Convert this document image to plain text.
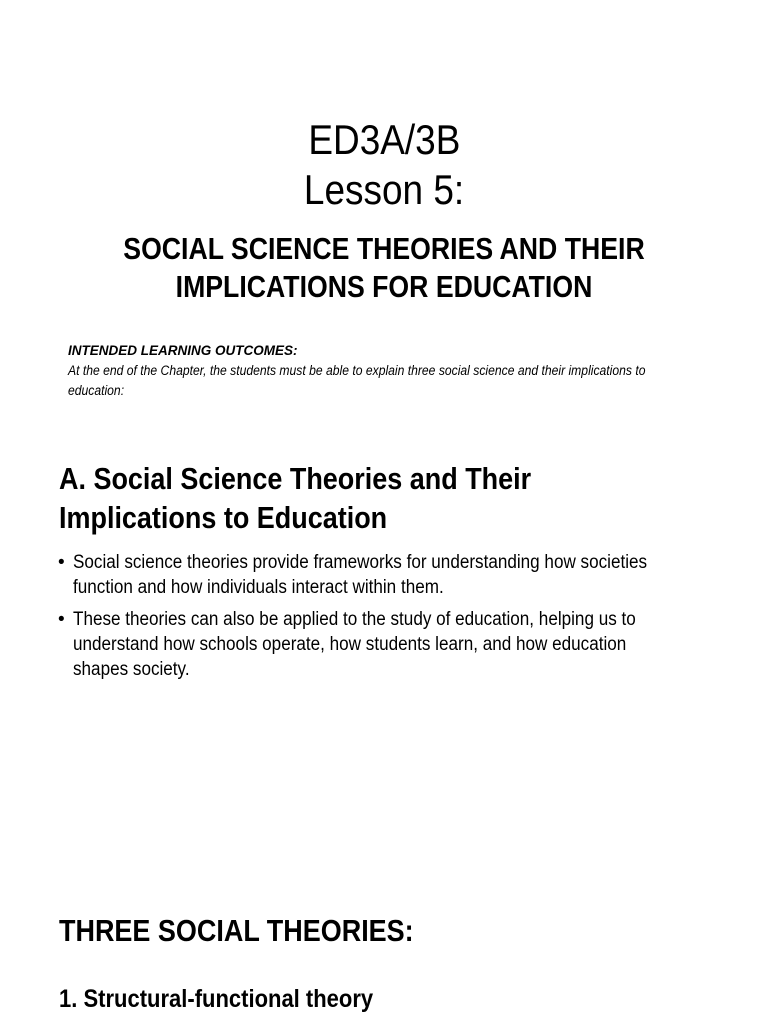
ED3A/3B
Lesson 5:
SOCIAL SCIENCE THEORIES AND THEIR
IMPLICATIONS FOR EDUCATION
INTENDED LEARNING OUTCOMES:
At the end of the Chapter, the students must be able to explain three social science and their implications to
education:
A. Social Science Theories and Their
Implications to Education
• Social science theories provide frameworks for understanding how societies
function and how individuals interact within them.
• These theories can also be applied to the study of education, helping us to
understand how schools operate, how students learn, and how education
shapes society.
THREE SOCIAL THEORIES:
1. Structural-functional theory
